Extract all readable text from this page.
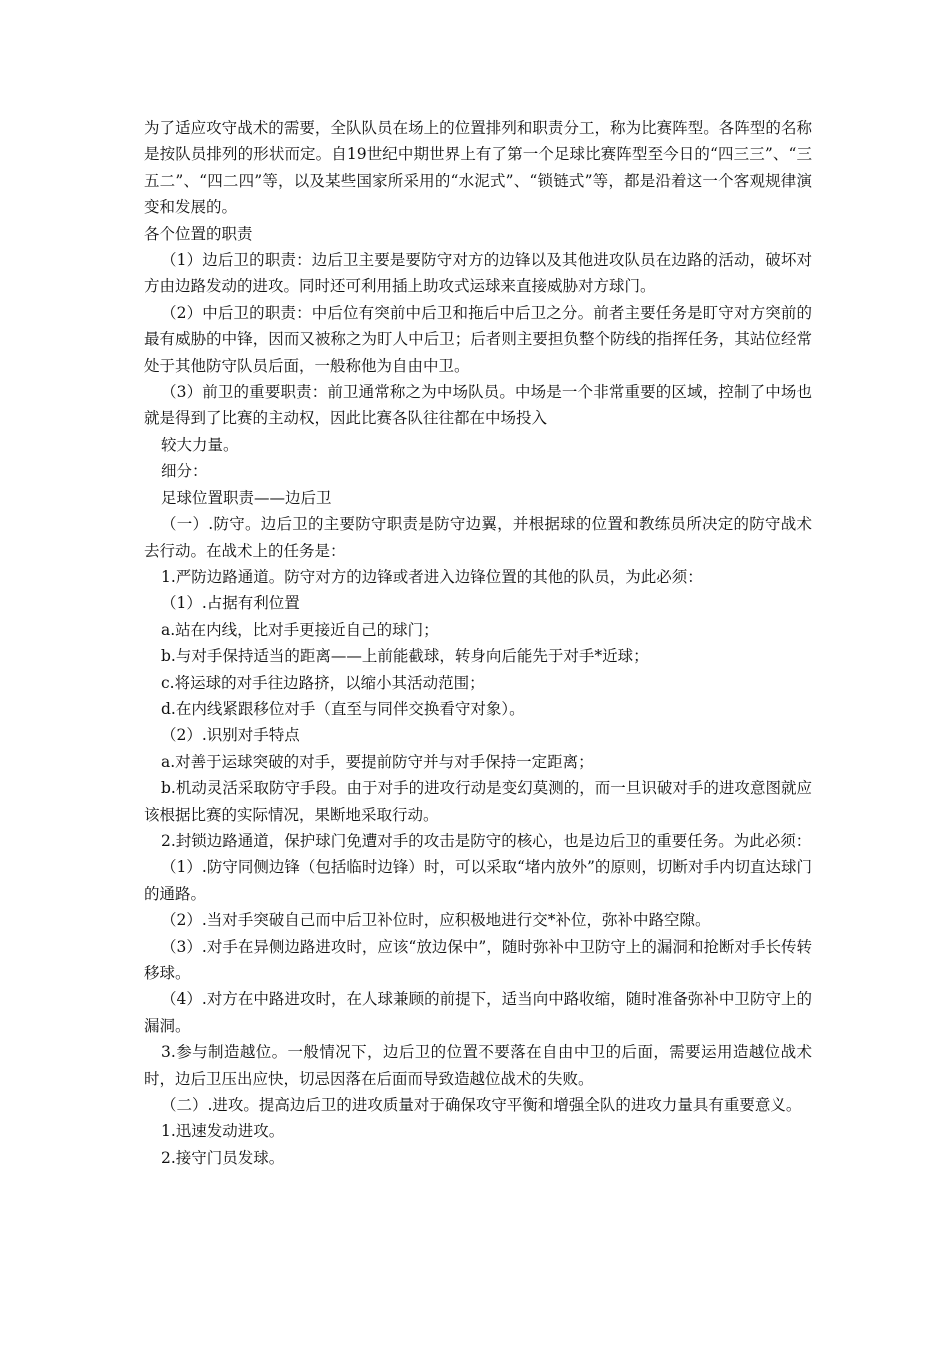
为了适应攻守战术的需要，全队队员在场上的位置排列和职责分工，称为比赛阵型。各阵型的名称是按队员排列的形状而定。自19世纪中期世界上有了第一个足球比赛阵型至今日的“四三三”、“三五二”、“四二四”等，以及某些国家所采用的“水泥式”、“锁链式”等，都是沿着这一个客观规律演变和发展的。

各个位置的职责

（1）边后卫的职责：边后卫主要是要防守对方的边锋以及其他进攻队员在边路的活动，破坏对方由边路发动的进攻。同时还可利用插上助攻式运球来直接威胁对方球门。

（2）中后卫的职责：中后位有突前中后卫和拖后中后卫之分。前者主要任务是盯守对方突前的最有威胁的中锋，因而又被称之为盯人中后卫；后者则主要担负整个防线的指挥任务，其站位经常处于其他防守队员后面，一般称他为自由中卫。

（3）前卫的重要职责：前卫通常称之为中场队员。中场是一个非常重要的区域，控制了中场也就是得到了比赛的主动权，因此比赛各队往往都在中场投入

较大力量。

细分：

足球位置职责——边后卫

（一）.防守。边后卫的主要防守职责是防守边翼，并根据球的位置和教练员所决定的防守战术去行动。在战术上的任务是：

1.严防边路通道。防守对方的边锋或者进入边锋位置的其他的队员，为此必须：

（1）.占据有利位置

a.站在内线，比对手更接近自己的球门；

b.与对手保持适当的距离——上前能截球，转身向后能先于对手*近球；

c.将运球的对手往边路挤，以缩小其活动范围；

d.在内线紧跟移位对手（直至与同伴交换看守对象）。

（2）.识别对手特点

a.对善于运球突破的对手，要提前防守并与对手保持一定距离；

b.机动灵活采取防守手段。由于对手的进攻行动是变幻莫测的，而一旦识破对手的进攻意图就应该根据比赛的实际情况，果断地采取行动。

2.封锁边路通道，保护球门免遭对手的攻击是防守的核心，也是边后卫的重要任务。为此必须：

（1）.防守同侧边锋（包括临时边锋）时，可以采取“堵内放外”的原则，切断对手内切直达球门的通路。

（2）.当对手突破自己而中后卫补位时，应积极地进行交*补位，弥补中路空隙。

（3）.对手在异侧边路进攻时，应该“放边保中”，随时弥补中卫防守上的漏洞和抢断对手长传转移球。

（4）.对方在中路进攻时，在人球兼顾的前提下，适当向中路收缩，随时准备弥补中卫防守上的漏洞。

3.参与制造越位。一般情况下，边后卫的位置不要落在自由中卫的后面，需要运用造越位战术时，边后卫压出应快，切忌因落在后面而导致造越位战术的失败。

（二）.进攻。提高边后卫的进攻质量对于确保攻守平衡和增强全队的进攻力量具有重要意义。

1.迅速发动进攻。

2.接守门员发球。
